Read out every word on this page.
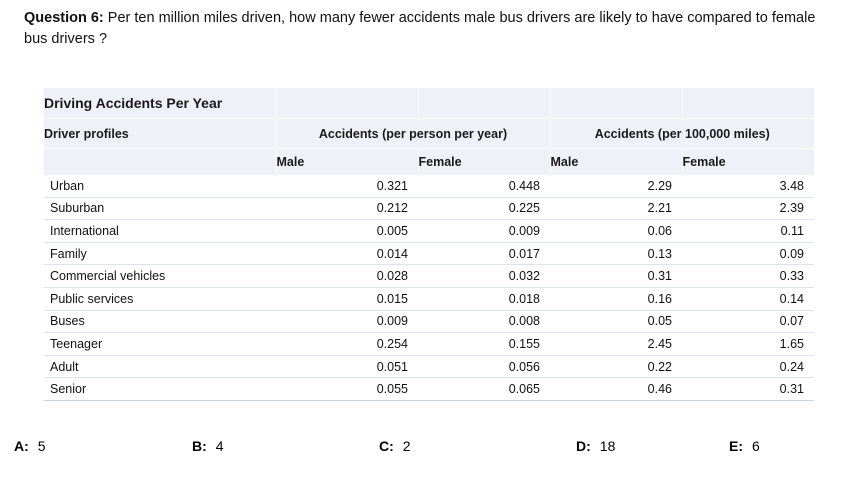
Question 6: Per ten million miles driven, how many fewer accidents male bus drivers are likely to have compared to female bus drivers ?
Driving Accidents Per Year				
Driver profiles	Accidents (per person per year)		Accidents (per 100,000 miles)	
	Male	Female	Male	Female
Urban	0.321	0.448	2.29	3.48
Suburban	0.212	0.225	2.21	2.39
International	0.005	0.009	0.06	0.11
Family	0.014	0.017	0.13	0.09
Commercial vehicles	0.028	0.032	0.31	0.33
Public services	0.015	0.018	0.16	0.14
Buses	0.009	0.008	0.05	0.07
Teenager	0.254	0.155	2.45	1.65
Adult	0.051	0.056	0.22	0.24
Senior	0.055	0.065	0.46	0.31
A: 5	B: 4	C: 2	D: 18	E: 6
